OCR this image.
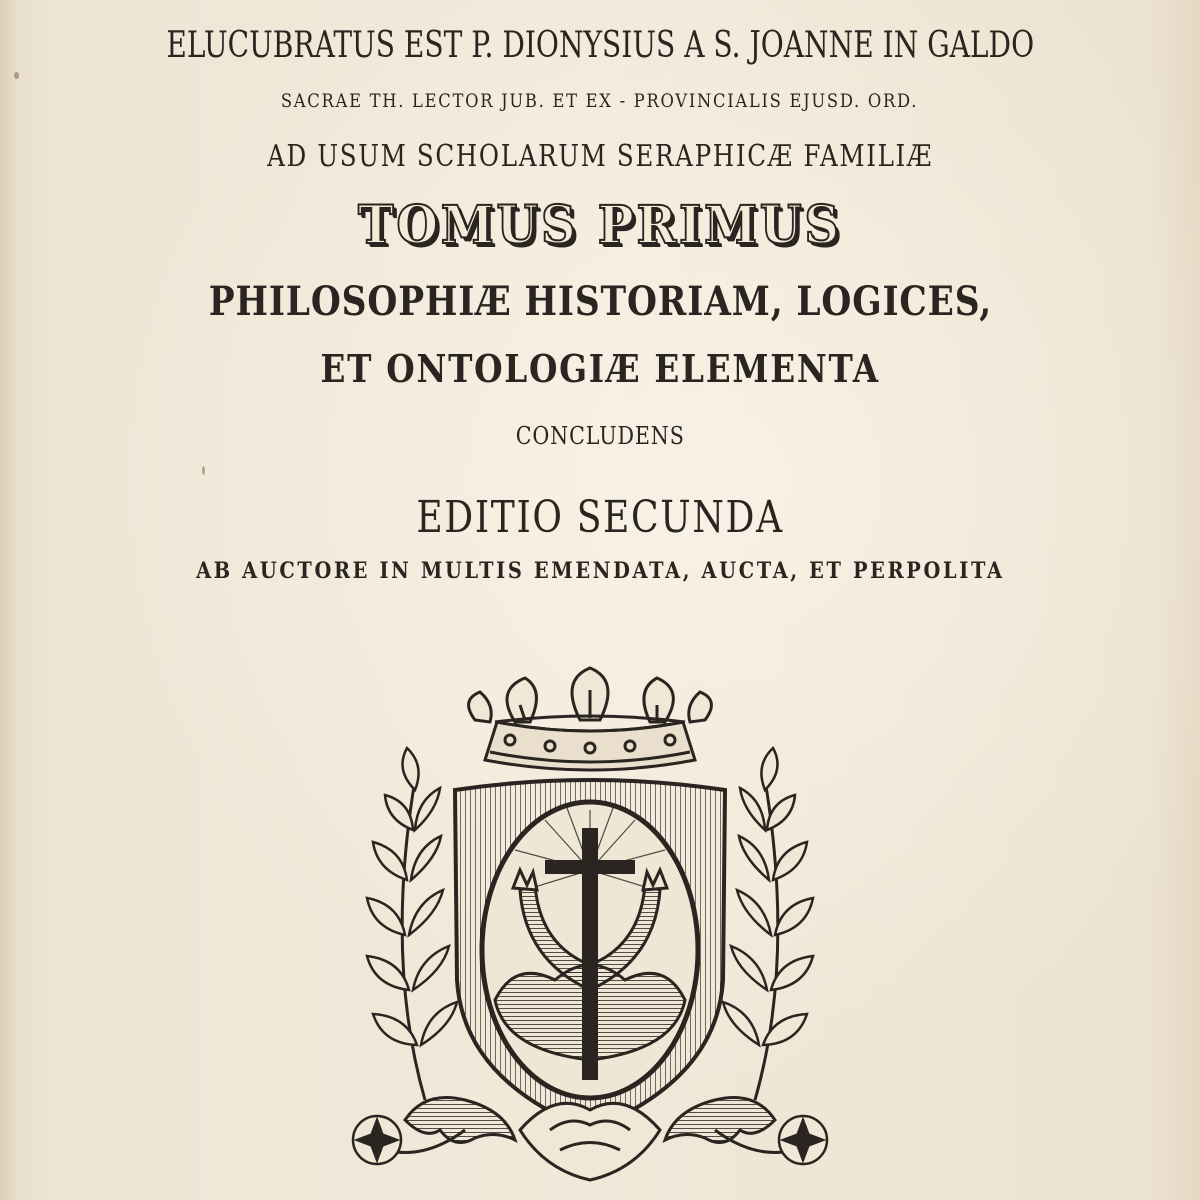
ELUCUBRATUS EST P. DIONYSIUS A S. JOANNE IN GALDO
SACRAE TH. LECTOR JUB. ET EX - PROVINCIALIS EJUSD. ORD.
AD USUM SCHOLARUM SERAPHICÆ FAMILIÆ
TOMUS PRIMUS
PHILOSOPHIÆ HISTORIAM, LOGICES,
ET ONTOLOGIÆ ELEMENTA
CONCLUDENS
EDITIO SECUNDA
AB AUCTORE IN MULTIS EMENDATA, AUCTA, ET PERPOLITA
